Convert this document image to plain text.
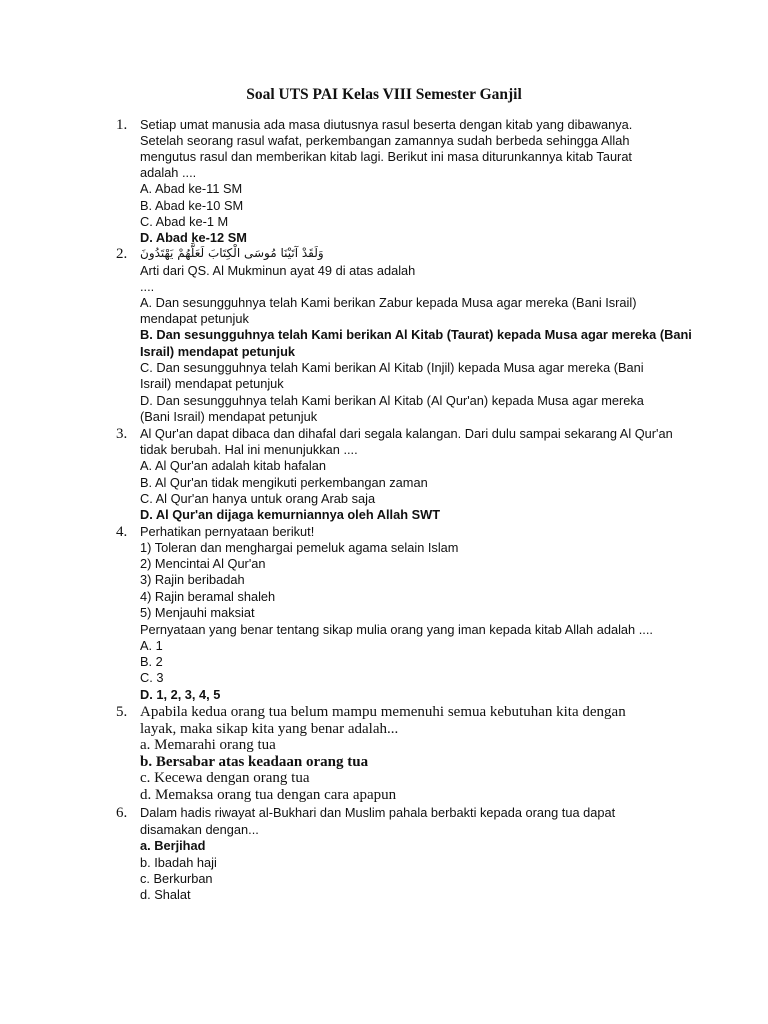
Soal UTS PAI Kelas VIII Semester Ganjil
1. Setiap umat manusia ada masa diutusnya rasul beserta dengan kitab yang dibawanya.
Setelah seorang rasul wafat, perkembangan zamannya sudah berbeda sehingga Allah
mengutus rasul dan memberikan kitab lagi. Berikut ini masa diturunkannya kitab Taurat
adalah ....
A. Abad ke-11 SM
B. Abad ke-10 SM
C. Abad ke-1 M
D. Abad ke-12 SM
2. وَلَقَدْ آتَيْنَا مُوسَى الْكِتَابَ لَعَلَّهُمْ يَهْتَدُونَ
Arti dari QS. Al Mukminun ayat 49 di atas adalah
....
A. Dan sesungguhnya telah Kami berikan Zabur kepada Musa agar mereka (Bani Israil)
mendapat petunjuk
B. Dan sesungguhnya telah Kami berikan Al Kitab (Taurat) kepada Musa agar mereka (Bani
Israil) mendapat petunjuk
C. Dan sesungguhnya telah Kami berikan Al Kitab (Injil) kepada Musa agar mereka (Bani
Israil) mendapat petunjuk
D. Dan sesungguhnya telah Kami berikan Al Kitab (Al Qur'an) kepada Musa agar mereka
(Bani Israil) mendapat petunjuk
3. Al Qur'an dapat dibaca dan dihafal dari segala kalangan. Dari dulu sampai sekarang Al Qur'an
tidak berubah. Hal ini menunjukkan ....
A. Al Qur'an adalah kitab hafalan
B. Al Qur'an tidak mengikuti perkembangan zaman
C. Al Qur'an hanya untuk orang Arab saja
D. Al Qur'an dijaga kemurniannya oleh Allah SWT
4. Perhatikan pernyataan berikut!
1) Toleran dan menghargai pemeluk agama selain Islam
2) Mencintai Al Qur'an
3) Rajin beribadah
4) Rajin beramal shaleh
5) Menjauhi maksiat
Pernyataan yang benar tentang sikap mulia orang yang iman kepada kitab Allah adalah ....
A. 1
B. 2
C. 3
D. 1, 2, 3, 4, 5
5. Apabila kedua orang tua belum mampu memenuhi semua kebutuhan kita dengan
layak, maka sikap kita yang benar adalah...
a. Memarahi orang tua
b. Bersabar atas keadaan orang tua
c. Kecewa dengan orang tua
d. Memaksa orang tua dengan cara apapun
6. Dalam hadis riwayat al-Bukhari dan Muslim pahala berbakti kepada orang tua dapat
disamakan dengan...
a. Berjihad
b. Ibadah haji
c. Berkurban
d. Shalat
